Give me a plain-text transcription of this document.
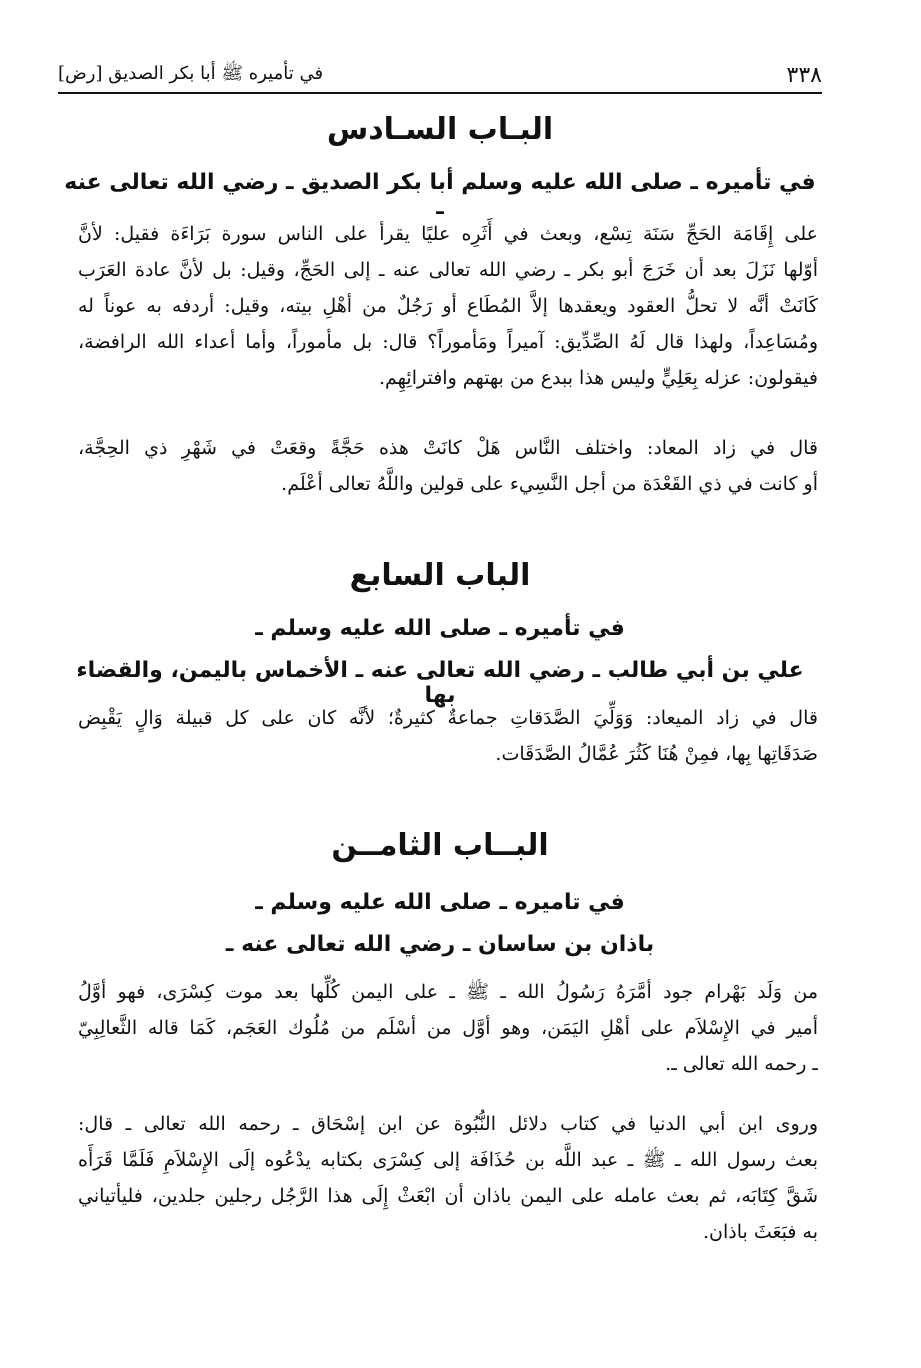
٣٣٨
في تأميره ﷺ أبا بكر الصديق [رض]
البـاب السـادس
في تأميره ـ صلى الله عليه وسلم أبا بكر الصديق ـ رضي الله تعالى عنه ـ

على إِقَامَة الحَجِّ سَنَة تِسْع، وبعث في أَثَرِه عليًا يقرأ على الناس سورة بَرَاءَة فقيل: لأنَّ
أوّلها نَزَلَ بعد أن خَرَجَ أبو بكر ـ رضي الله تعالى عنه ـ إلى الحَجِّ، وقيل: بل لأنَّ عادة العَرَب
كَانَتْ أنَّه لا تحلُّ العقود ويعقدها إلاَّ المُطَاع أو رَجُلٌ من أهْلِ بيته، وقيل: أردفه به عوناً له
ومُسَاعِداً، ولهذا قال لَهُ الصِّدِّيق: آميراً ومَأموراً؟ قال: بل مأموراً، وأما أعداء الله الرافضة،
فيقولون: عزله بِعَلِيٍّ وليس هذا ببدع من بهتهم وافترائِهِم.

قال في زاد المعاد: واختلف النَّاس هَلْ كانَتْ هذه حَجَّةً وقعَتْ في شَهْرِ ذي الحِجَّة،
أو كانت في ذي القَعْدَة من أجل النَّسِيء على قولين واللَّهُ تعالى أعْلَم.

الباب السابع
في تأميره ـ صلى الله عليه وسلم ـ
علي بن أبي طالب ـ رضي الله تعالى عنه ـ الأخماس باليمن، والقضاء بها

قال في زاد الميعاد: وَوَلِّيَ الصَّدَقاتِ جماعةٌ كثيرةٌ؛ لأنَّه كان على كل قبيلة وَالٍ يَقْبِض
صَدَقَاتِها بِها، فمِنْ هُنَا كَثُرَ عُمَّالُ الصَّدَقَات.

البــاب الثامــن
في تاميره ـ صلى الله عليه وسلم ـ
باذان بن ساسان ـ رضي الله تعالى عنه ـ

من وَلَد بَهْرام جود أمَّرَهُ رَسُولُ الله ـ ﷺ ـ على اليمن كُلِّها بعد موت كِسْرَى، فهو أوَّلُ
أمير في الإِسْلاَم على أهْلِ اليَمَن، وهو أوَّل من أسْلَم من مُلُوك العَجَم، كَمَا قاله الثَّعالِبِيّ
ـ رحمه الله تعالى ـ.

وروى ابن أبي الدنيا في كتاب دلائل النُّبُوة عن ابن إسْحَاق ـ رحمه الله تعالى ـ قال:
بعث رسول الله ـ ﷺ ـ عبد اللَّه بن حُذَافَة إلى كِسْرَى بكتابه يدْعُوه إلَى الإِسْلاَمِ فَلَمَّا قَرَأَه
شَقَّ كِتَابَه، ثم بعث عامله على اليمن باذان أن ابْعَثْ إِلَى هذا الرَّجُل رجلين جلدين، فليأتياني
به فبَعَثَ باذان.
